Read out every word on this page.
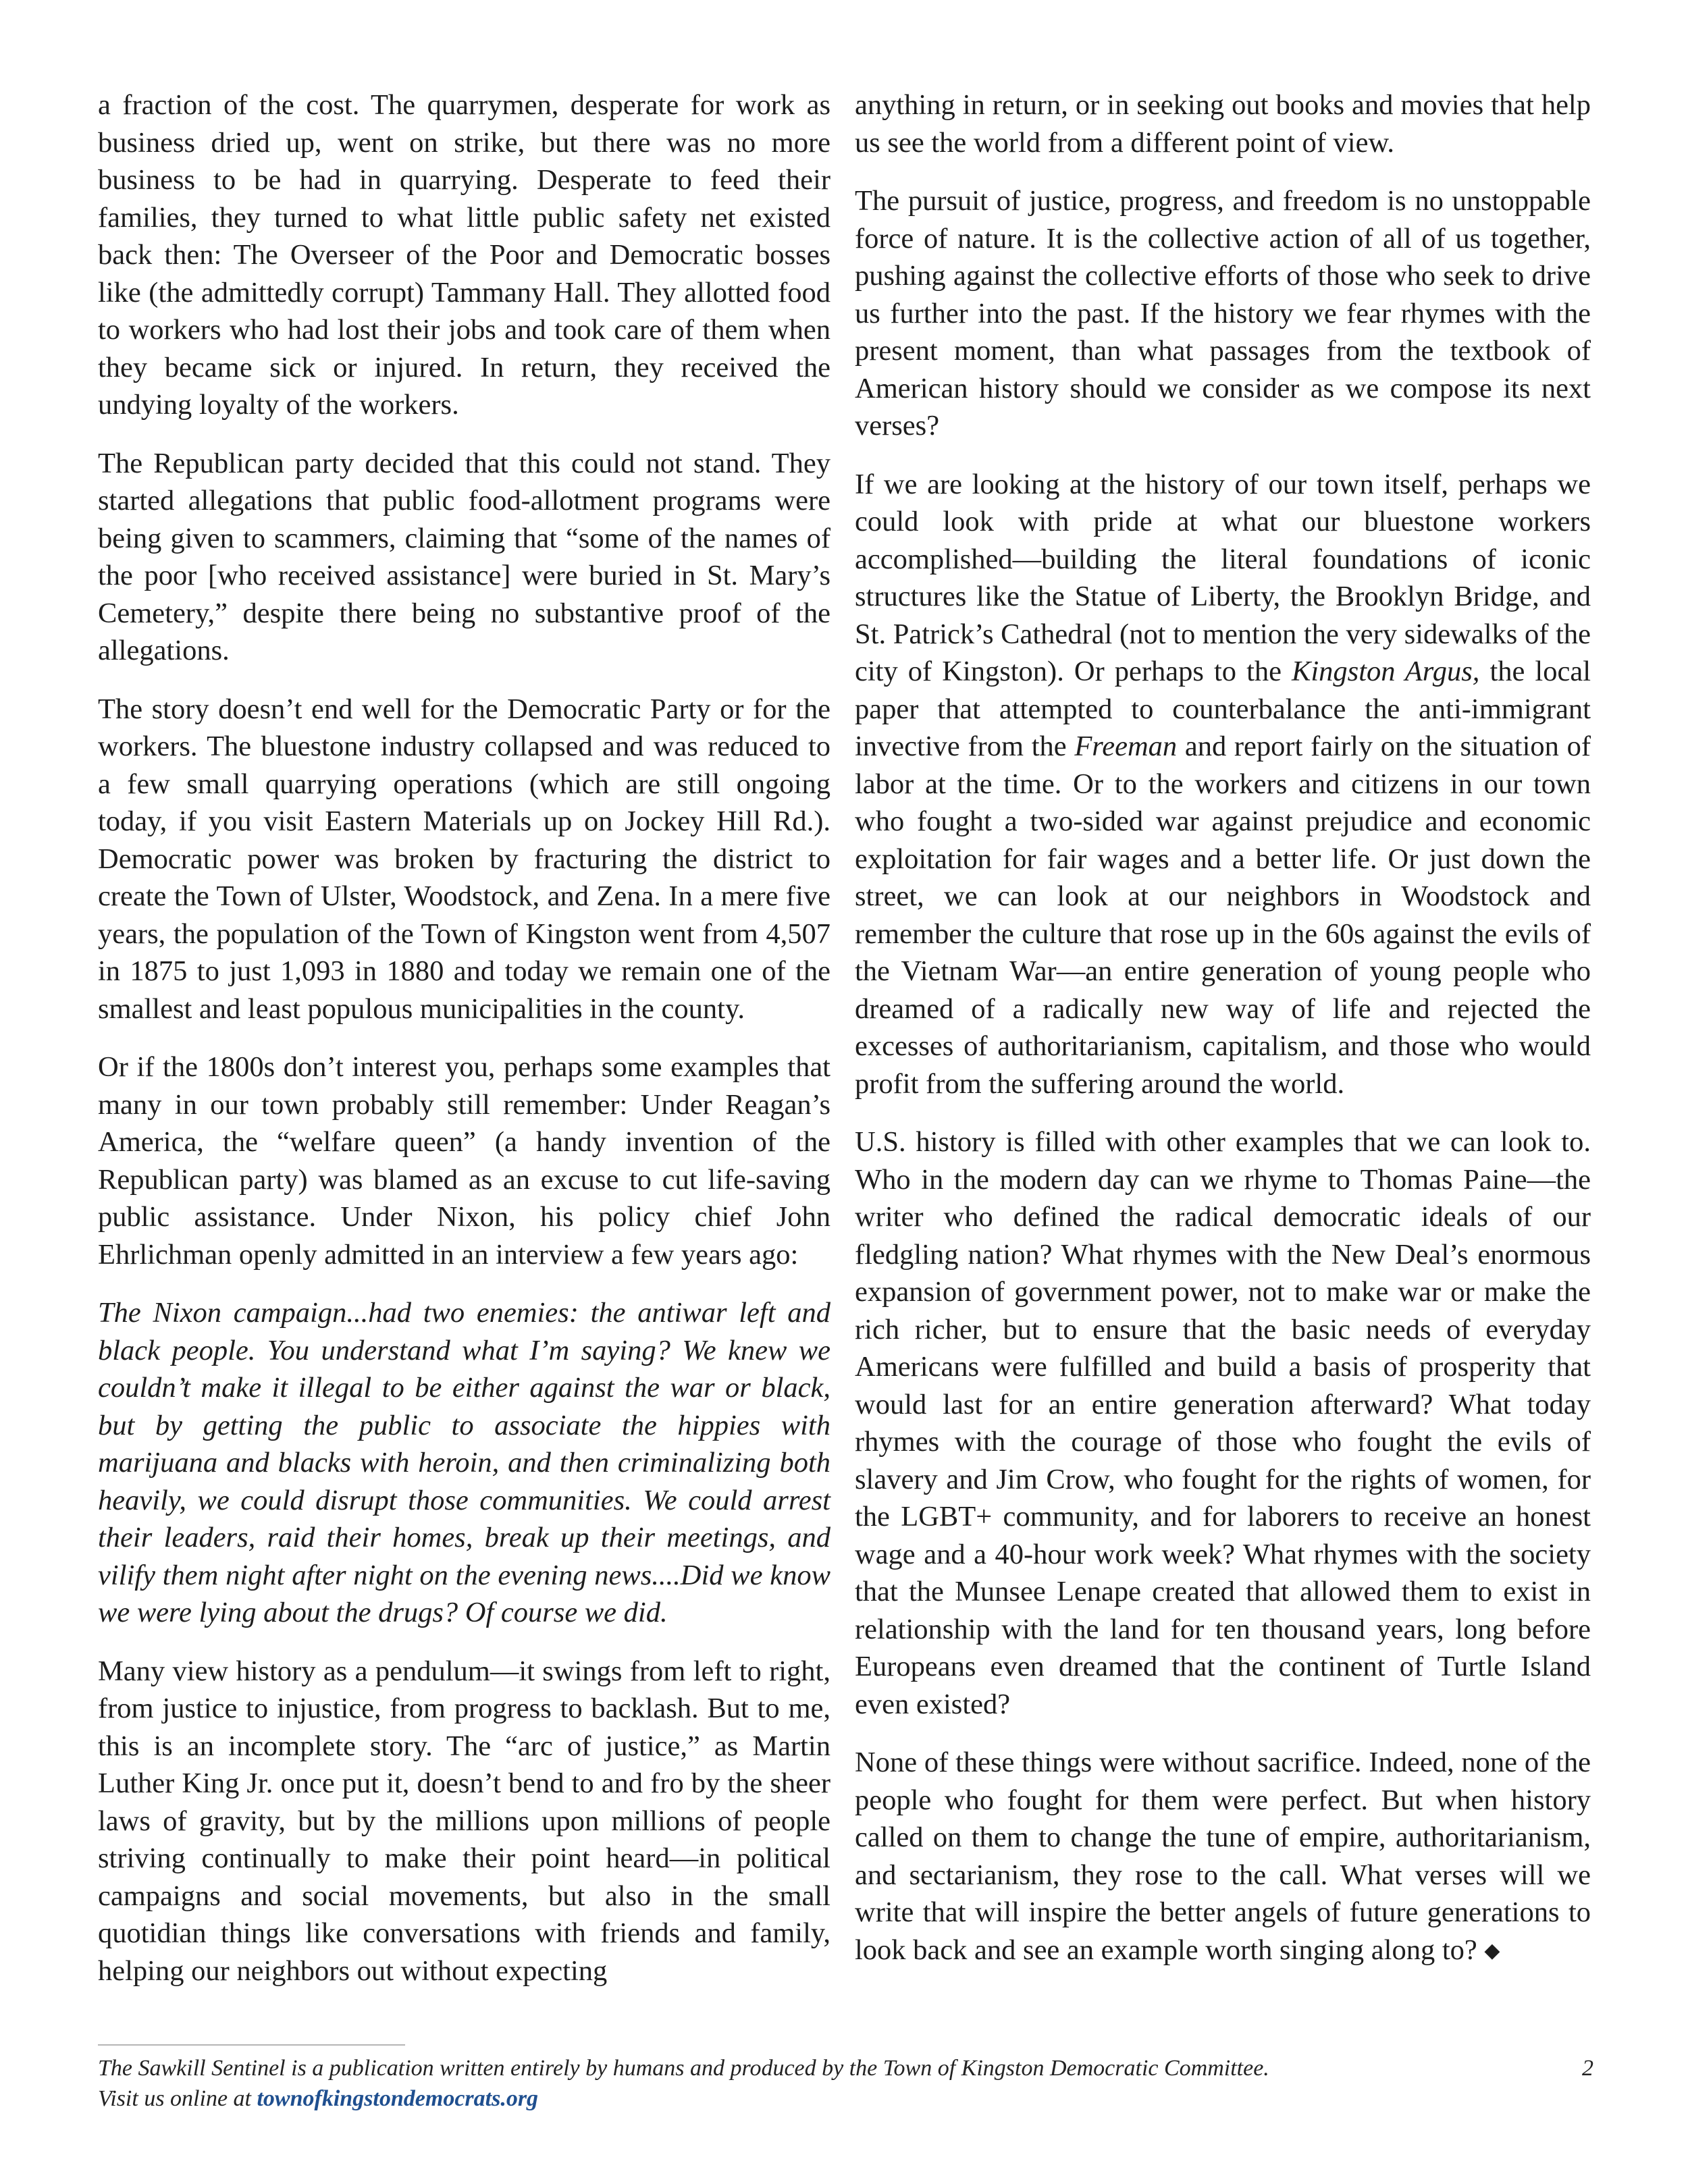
a fraction of the cost. The quarrymen, desperate for work as business dried up, went on strike, but there was no more business to be had in quarrying. Desperate to feed their families, they turned to what little public safety net existed back then: The Overseer of the Poor and Democratic bosses like (the admittedly corrupt) Tammany Hall. They allotted food to workers who had lost their jobs and took care of them when they became sick or injured. In return, they received the undying loyalty of the workers.

The Republican party decided that this could not stand. They started allegations that public food-allotment programs were being given to scammers, claiming that “some of the names of the poor [who received assistance] were buried in St. Mary’s Cemetery,” despite there being no substantive proof of the allegations.

The story doesn’t end well for the Democratic Party or for the workers. The bluestone industry collapsed and was reduced to a few small quarrying operations (which are still ongoing today, if you visit Eastern Materials up on Jockey Hill Rd.). Democratic power was broken by fracturing the district to create the Town of Ulster, Woodstock, and Zena. In a mere five years, the population of the Town of Kingston went from 4,507 in 1875 to just 1,093 in 1880 and today we remain one of the smallest and least populous municipalities in the county.

Or if the 1800s don’t interest you, perhaps some examples that many in our town probably still remember: Under Reagan’s America, the “welfare queen” (a handy invention of the Republican party) was blamed as an excuse to cut life-saving public assistance. Under Nixon, his policy chief John Ehrlichman openly admitted in an interview a few years ago:

The Nixon campaign...had two enemies: the antiwar left and black people. You understand what I’m saying? We knew we couldn’t make it illegal to be either against the war or black, but by getting the public to associate the hippies with marijuana and blacks with heroin, and then criminalizing both heavily, we could disrupt those communities. We could arrest their leaders, raid their homes, break up their meetings, and vilify them night after night on the evening news....Did we know we were lying about the drugs? Of course we did.

Many view history as a pendulum—it swings from left to right, from justice to injustice, from progress to backlash. But to me, this is an incomplete story. The “arc of justice,” as Martin Luther King Jr. once put it, doesn’t bend to and fro by the sheer laws of gravity, but by the millions upon millions of people striving continually to make their point heard—in political campaigns and social movements, but also in the small quotidian things like conversations with friends and family, helping our neighbors out without expecting

anything in return, or in seeking out books and movies that help us see the world from a different point of view.

The pursuit of justice, progress, and freedom is no unstoppable force of nature. It is the collective action of all of us together, pushing against the collective efforts of those who seek to drive us further into the past. If the history we fear rhymes with the present moment, than what passages from the textbook of American history should we consider as we compose its next verses?

If we are looking at the history of our town itself, perhaps we could look with pride at what our bluestone workers accomplished—building the literal foundations of iconic structures like the Statue of Liberty, the Brooklyn Bridge, and St. Patrick’s Cathedral (not to mention the very sidewalks of the city of Kingston). Or perhaps to the Kingston Argus, the local paper that attempted to counterbalance the anti-immigrant invective from the Freeman and report fairly on the situation of labor at the time. Or to the workers and citizens in our town who fought a two-sided war against prejudice and economic exploitation for fair wages and a better life. Or just down the street, we can look at our neighbors in Woodstock and remember the culture that rose up in the 60s against the evils of the Vietnam War—an entire generation of young people who dreamed of a radically new way of life and rejected the excesses of authoritarianism, capitalism, and those who would profit from the suffering around the world.

U.S. history is filled with other examples that we can look to. Who in the modern day can we rhyme to Thomas Paine—the writer who defined the radical democratic ideals of our fledgling nation? What rhymes with the New Deal’s enormous expansion of government power, not to make war or make the rich richer, but to ensure that the basic needs of everyday Americans were fulfilled and build a basis of prosperity that would last for an entire generation afterward? What today rhymes with the courage of those who fought the evils of slavery and Jim Crow, who fought for the rights of women, for the LGBT+ community, and for laborers to receive an honest wage and a 40-hour work week? What rhymes with the society that the Munsee Lenape created that allowed them to exist in relationship with the land for ten thousand years, long before Europeans even dreamed that the continent of Turtle Island even existed?

None of these things were without sacrifice. Indeed, none of the people who fought for them were perfect. But when history called on them to change the tune of empire, authoritarianism, and sectarianism, they rose to the call. What verses will we write that will inspire the better angels of future generations to look back and see an example worth singing along to? ◆

The Sawkill Sentinel is a publication written entirely by humans and produced by the Town of Kingston Democratic Committee.
Visit us online at townofkingstondemocrats.org
2
